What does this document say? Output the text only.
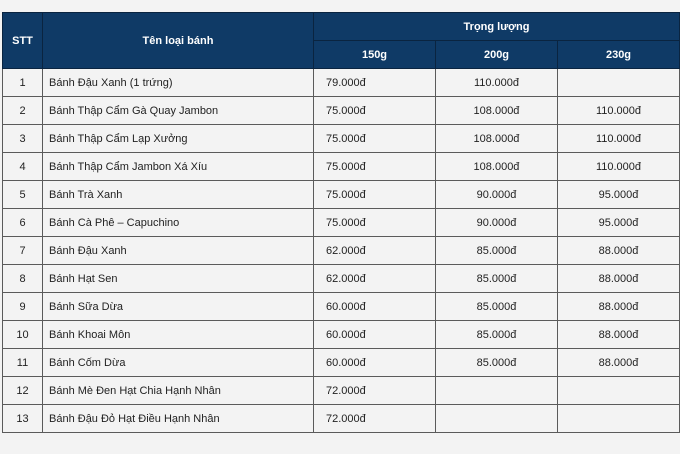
STT	Tên loại bánh	Trọng lượng		
		150g	200g	230g
1	Bánh Đậu Xanh (1 trứng)	79.000đ	110.000đ	
2	Bánh Thập Cẩm Gà Quay Jambon	75.000đ	108.000đ	110.000đ
3	Bánh Thập Cẩm Lạp Xưởng	75.000đ	108.000đ	110.000đ
4	Bánh Thập Cẩm Jambon Xá Xíu	75.000đ	108.000đ	110.000đ
5	Bánh Trà Xanh	75.000đ	90.000đ	95.000đ
6	Bánh Cà Phê – Capuchino	75.000đ	90.000đ	95.000đ
7	Bánh Đậu Xanh	62.000đ	85.000đ	88.000đ
8	Bánh Hạt Sen	62.000đ	85.000đ	88.000đ
9	Bánh Sữa Dừa	60.000đ	85.000đ	88.000đ
10	Bánh Khoai Môn	60.000đ	85.000đ	88.000đ
11	Bánh Cốm Dừa	60.000đ	85.000đ	88.000đ
12	Bánh Mè Đen Hạt Chia Hạnh Nhân	72.000đ		
13	Bánh Đậu Đỏ Hạt Điều Hạnh Nhân	72.000đ		
